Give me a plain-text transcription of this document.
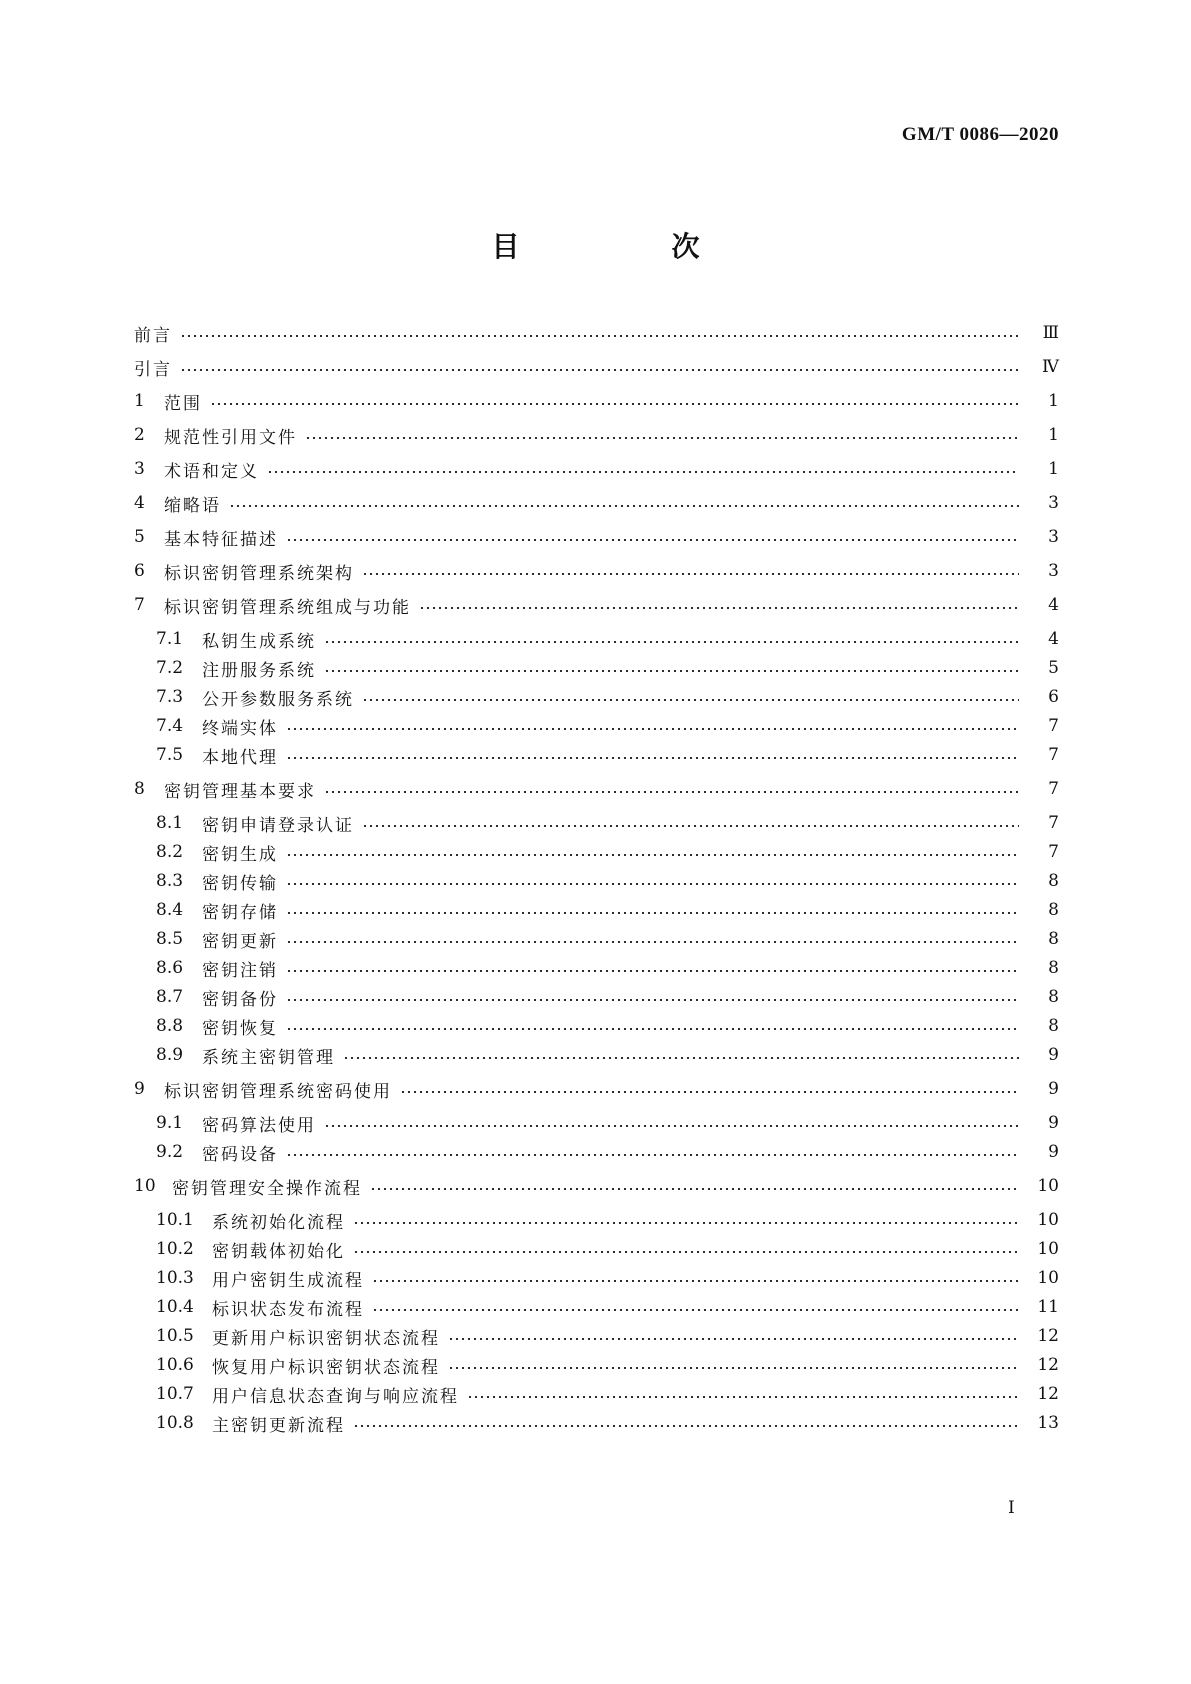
GM/T 0086—2020
目　次
前言	Ⅲ
引言	Ⅳ
1	范围	1
2	规范性引用文件	1
3	术语和定义	1
4	缩略语	3
5	基本特征描述	3
6	标识密钥管理系统架构	3
7	标识密钥管理系统组成与功能	4
7.1	私钥生成系统	4
7.2	注册服务系统	5
7.3	公开参数服务系统	6
7.4	终端实体	7
7.5	本地代理	7
8	密钥管理基本要求	7
8.1	密钥申请登录认证	7
8.2	密钥生成	7
8.3	密钥传输	8
8.4	密钥存储	8
8.5	密钥更新	8
8.6	密钥注销	8
8.7	密钥备份	8
8.8	密钥恢复	8
8.9	系统主密钥管理	9
9	标识密钥管理系统密码使用	9
9.1	密码算法使用	9
9.2	密码设备	9
10 密钥管理安全操作流程	10
10.1	系统初始化流程	10
10.2	密钥载体初始化	10
10.3	用户密钥生成流程	10
10.4	标识状态发布流程	11
10.5	更新用户标识密钥状态流程	12
10.6	恢复用户标识密钥状态流程	12
10.7	用户信息状态查询与响应流程	12
10.8	主密钥更新流程	13
I
